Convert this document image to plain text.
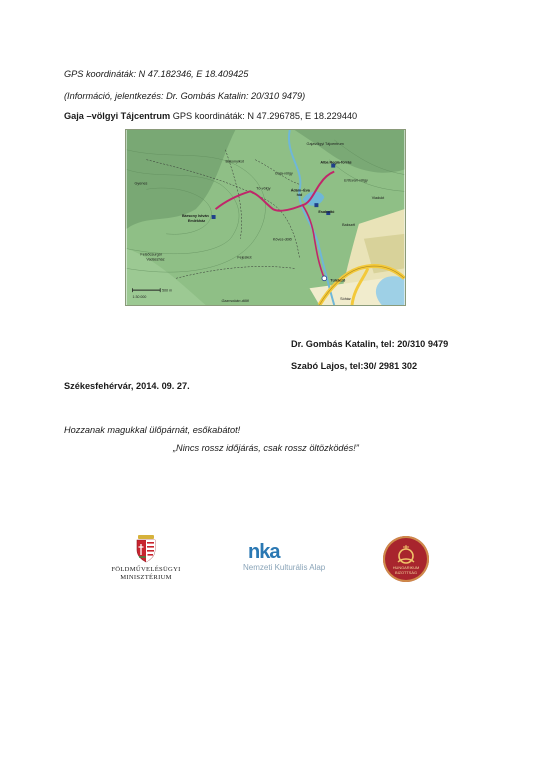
GPS koordináták: N 47.182346, E 18.409425
(Információ, jelentkezés: Dr. Gombás Katalin: 20/310 9479)
Gaja –völgyi Tájcentrum GPS koordináták: N 47.296785, E 18.229440
Gajavölgyi Tájcentrum
Alba Regia-forrás
Ádám–Éva
híd
Erősvári-völgy
Bakonyikút
Tó-völgy
Esabottó
Bakszél
Bársony István
Emlékház
Felsőcsurgói
Vadászház
Köves-dűlő
Túlélező
Sóház
Gyenes
Gaja-völgy
Viadukt
Fejeskút
Gazcsobán-dűlő
500 m
1:30 000
Dr. Gombás Katalin, tel: 20/310 9479
Szabó Lajos, tel:30/ 2981 302
Székesfehérvár, 2014. 09. 27.
Hozzanak magukkal ülőpárnát, esőkabátot!
„Nincs rossz időjárás, csak rossz öltözködés!”
FÖLDMŰVELÉSÜGYI
MINISZTÉRIUM
nka
Nemzeti Kulturális Alap	HUNGARIKUM
BIZOTTSÁG
